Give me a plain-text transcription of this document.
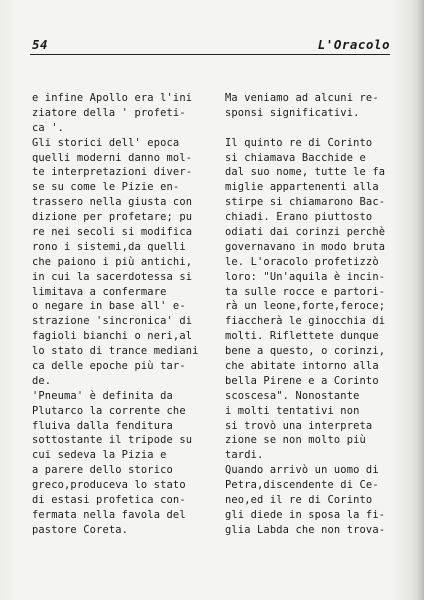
54	L'Oracolo
e infine Apollo era l'ini
ziatore della ' profeti-
ca '.
Gli storici dell' epoca
quelli moderni danno mol-
te interpretazioni diver-
se su come le Pizie en-
trassero nella giusta con
dizione per profetare; pu
re nei secoli si modifica
rono i sistemi,da quelli
che paiono i più antichi,
in cui la sacerdotessa si
limitava a confermare
o negare in base all' e-
strazione 'sincronica' di
fagioli bianchi o neri,al
lo stato di trance mediani
ca delle epoche più tar-
de.
'Pneuma' è definita da
Plutarco la corrente che
fluiva dalla fenditura
sottostante il tripode su
cui sedeva la Pizia e
a parere dello storico
greco,produceva lo stato
di estasi profetica con-
fermata nella favola del
pastore Coreta.
Ma veniamo ad alcuni re-
sponsi significativi.
Il quinto re di Corinto
si chiamava Bacchide e
dal suo nome, tutte le fa
miglie appartenenti alla
stirpe si chiamarono Bac-
chiadi. Erano piuttosto
odiati dai corinzi perchè
governavano in modo bruta
le. L'oracolo profetizzò
loro: "Un'aquila è incin-
ta sulle rocce e partori-
rà un leone,forte,feroce;
fiaccherà le ginocchia di
molti. Riflettete dunque
bene a questo, o corinzi,
che abitate intorno alla
bella Pirene e a Corinto
scoscesa". Nonostante
i molti tentativi non
si trovò una interpreta
zione se non molto più
tardi.
Quando arrivò un uomo di
Petra,discendente di Ce-
neo,ed il re di Corinto
gli diede in sposa la fi-
glia Labda che non trova-
